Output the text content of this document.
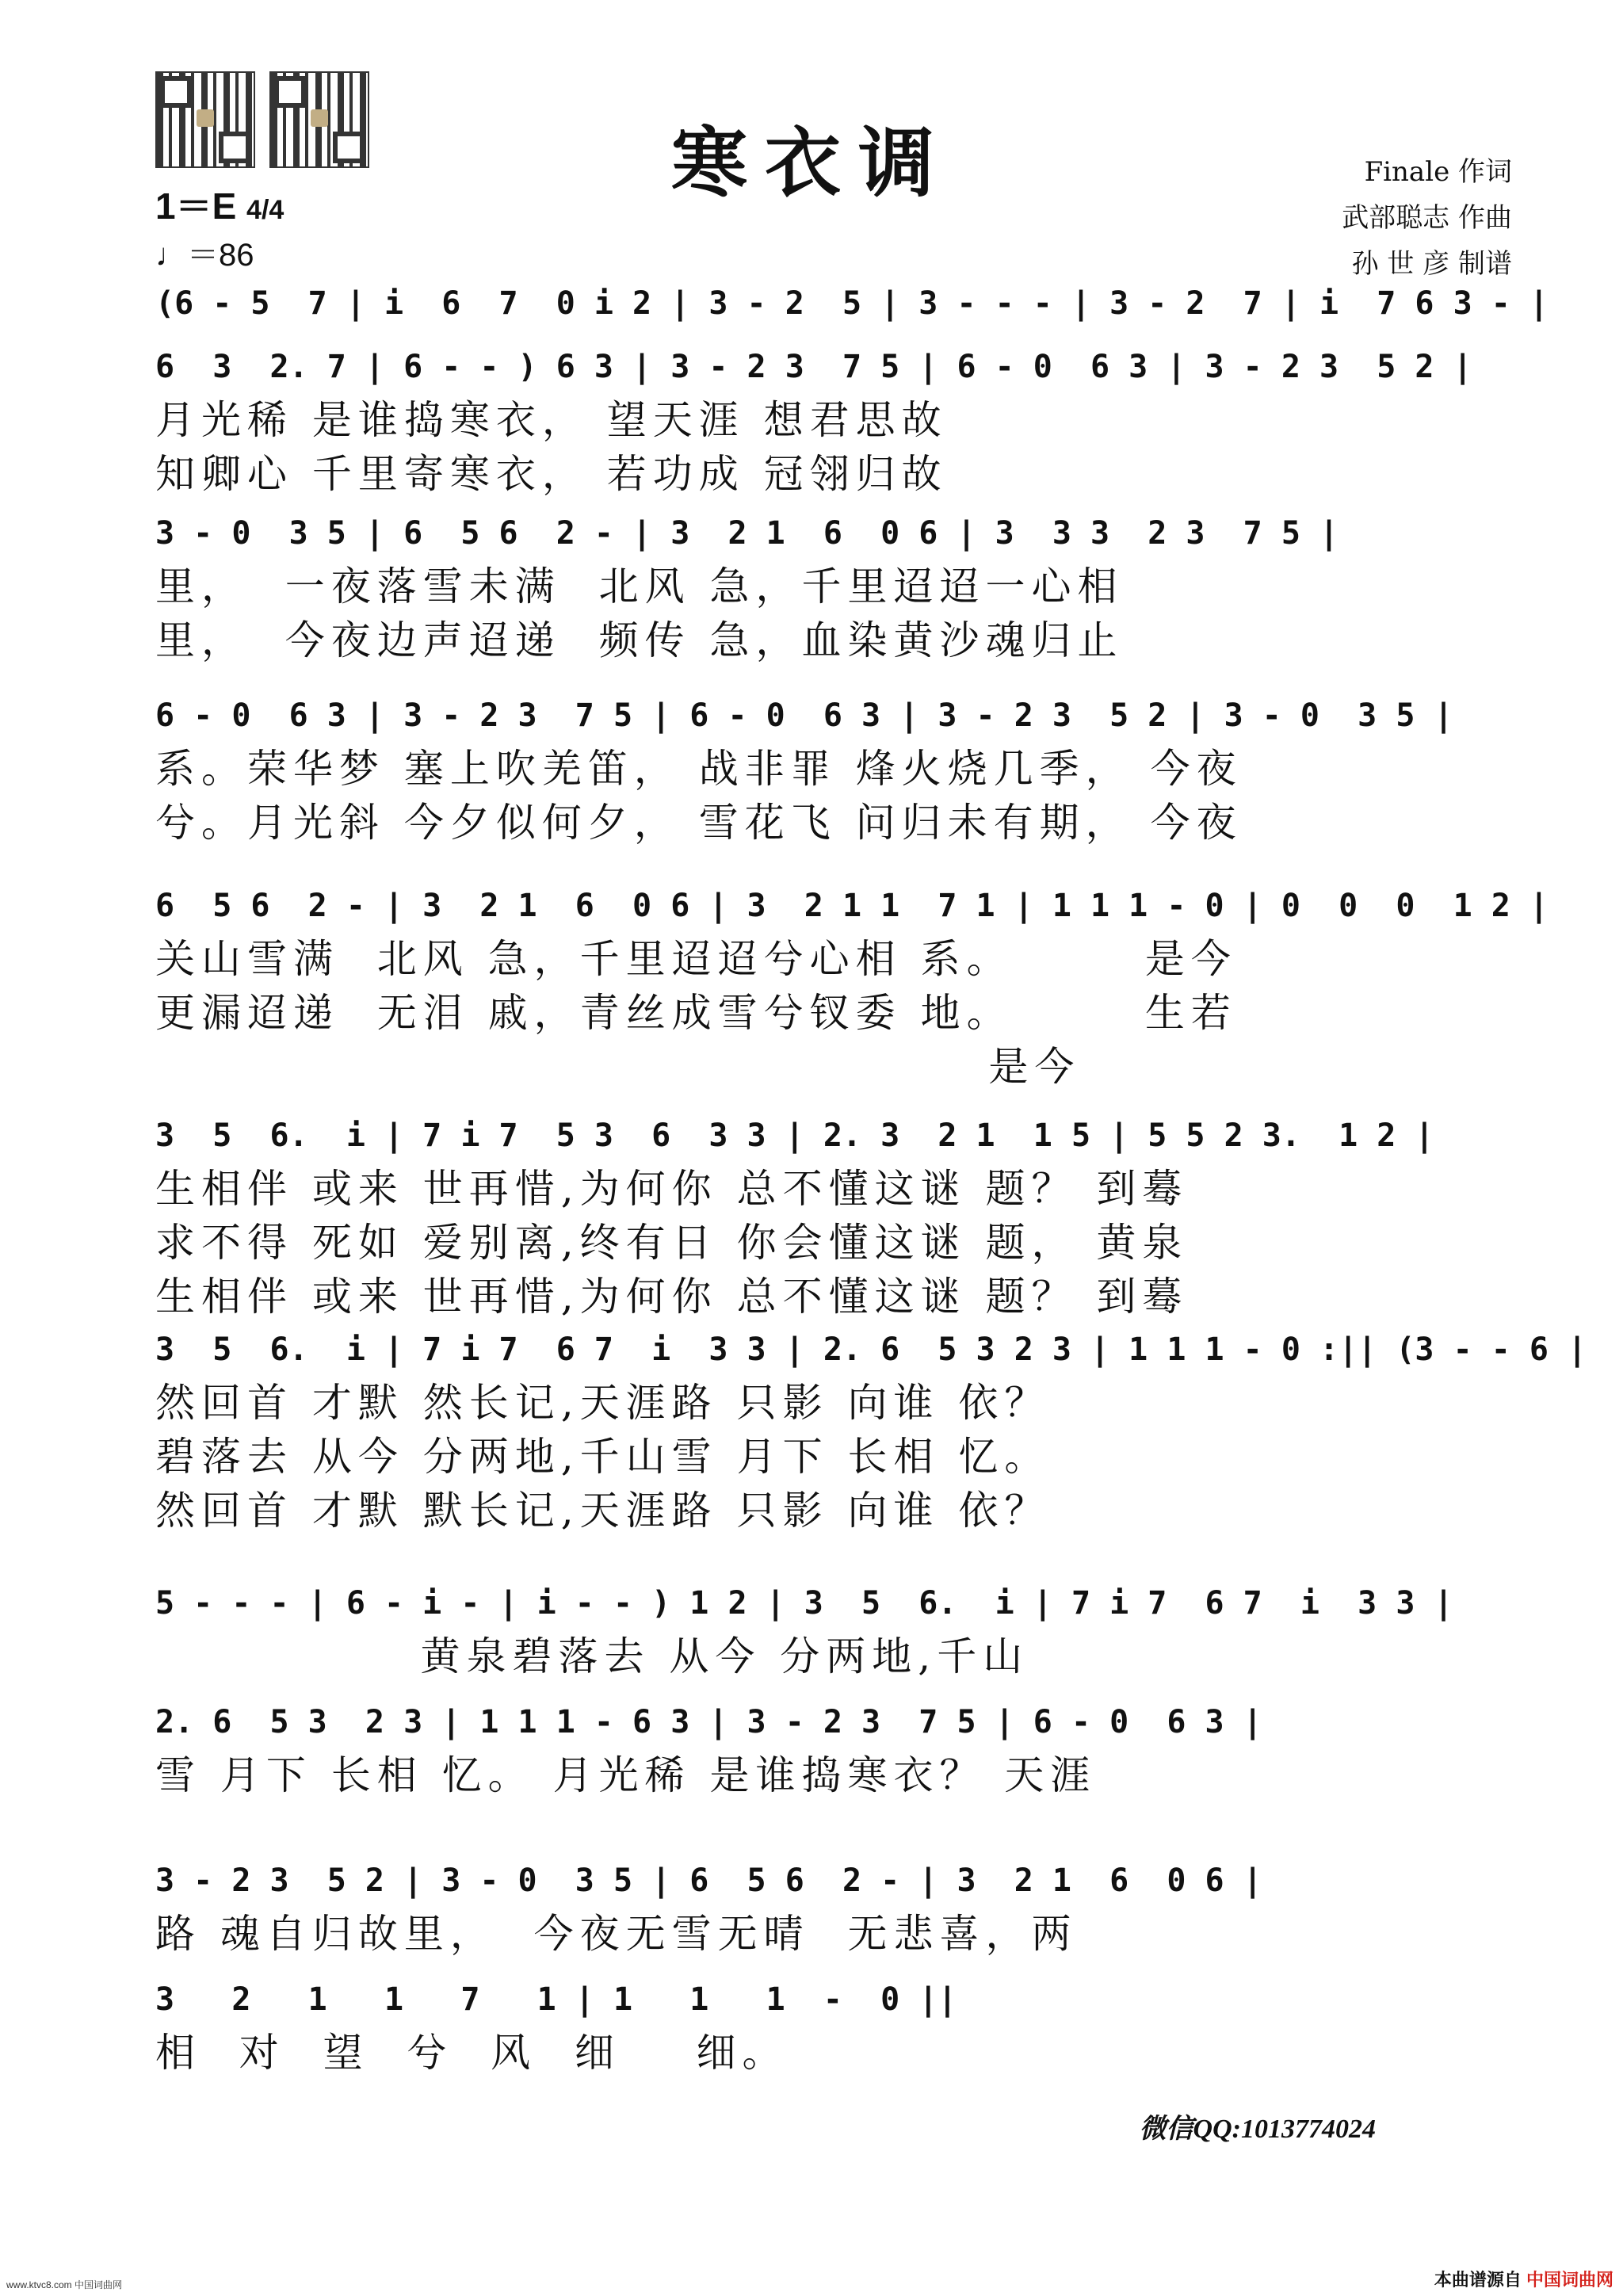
寒衣调	Finale 作词
武部聪志 作曲
孙 世 彦 制谱
1＝E 4/4
♩＝86
(6 - 5  7 | i  6  7  0 i 2 | 3 - 2  5 | 3 - - - | 3 - 2  7 | i  7 6 3 - |
6  3  2. 7 | 6 - - ) 6 3 | 3 - 2 3  7 5 | 6 - 0  6 3 | 3 - 2 3  5 2 |
月光稀 是谁捣寒衣， 望天涯 想君思故
知卿心 千里寄寒衣， 若功成 冠翎归故
3 - 0  3 5 | 6  5 6  2 - | 3  2 1  6  0 6 | 3  3 3  2 3  7 5 |
里，  一夜落雪未满  北风 急，千里迢迢一心相
里，  今夜边声迢递  频传 急，血染黄沙魂归止
6 - 0  6 3 | 3 - 2 3  7 5 | 6 - 0  6 3 | 3 - 2 3  5 2 | 3 - 0  3 5 |
系。荣华梦 塞上吹羌笛， 战非罪 烽火烧几季， 今夜
兮。月光斜 今夕似何夕， 雪花飞 问归未有期， 今夜
6  5 6  2 - | 3  2 1  6  0 6 | 3  2 1 1  7 1 | 1 1 1 - 0 | 0  0  0  1 2 |
关山雪满  北风 急，千里迢迢兮心相 系。       是今
更漏迢递  无泪 戚，青丝成雪兮钗委 地。       生若
是今
3  5  6.  i | 7 i 7  5 3  6  3 3 | 2. 3  2 1  1 5 | 5 5 2 3.  1 2 |
生相伴 或来 世再惜,为何你 总不懂这谜 题？ 到蓦
求不得 死如 爱别离,终有日 你会懂这谜 题， 黄泉
生相伴 或来 世再惜,为何你 总不懂这谜 题？ 到蓦
3  5  6.  i | 7 i 7  6 7  i  3 3 | 2. 6  5 3 2 3 | 1 1 1 - 0 :|| (3 - - 6 |
然回首 才默 然长记,天涯路 只影 向谁 依？
碧落去 从今 分两地,千山雪 月下 长相 忆。
然回首 才默 默长记,天涯路 只影 向谁 依？
5 - - - | 6 - i - | i - - ) 1 2 | 3  5  6.  i | 7 i 7  6 7  i  3 3 |
黄泉碧落去 从今 分两地,千山
2. 6  5 3  2 3 | 1 1 1 - 6 3 | 3 - 2 3  7 5 | 6 - 0  6 3 |
雪 月下 长相 忆。 月光稀 是谁捣寒衣？ 天涯
3 - 2 3  5 2 | 3 - 0  3 5 | 6  5 6  2 - | 3  2 1  6  0 6 |
路 魂自归故里，  今夜无雪无晴  无悲喜，两
3   2   1   1   7   1 | 1   1   1  -  0 ||
相  对  望  兮  风  细    细。
微信QQ:1013774024
www.ktvc8.com 中国词曲网	本曲谱源自 中国词曲网
